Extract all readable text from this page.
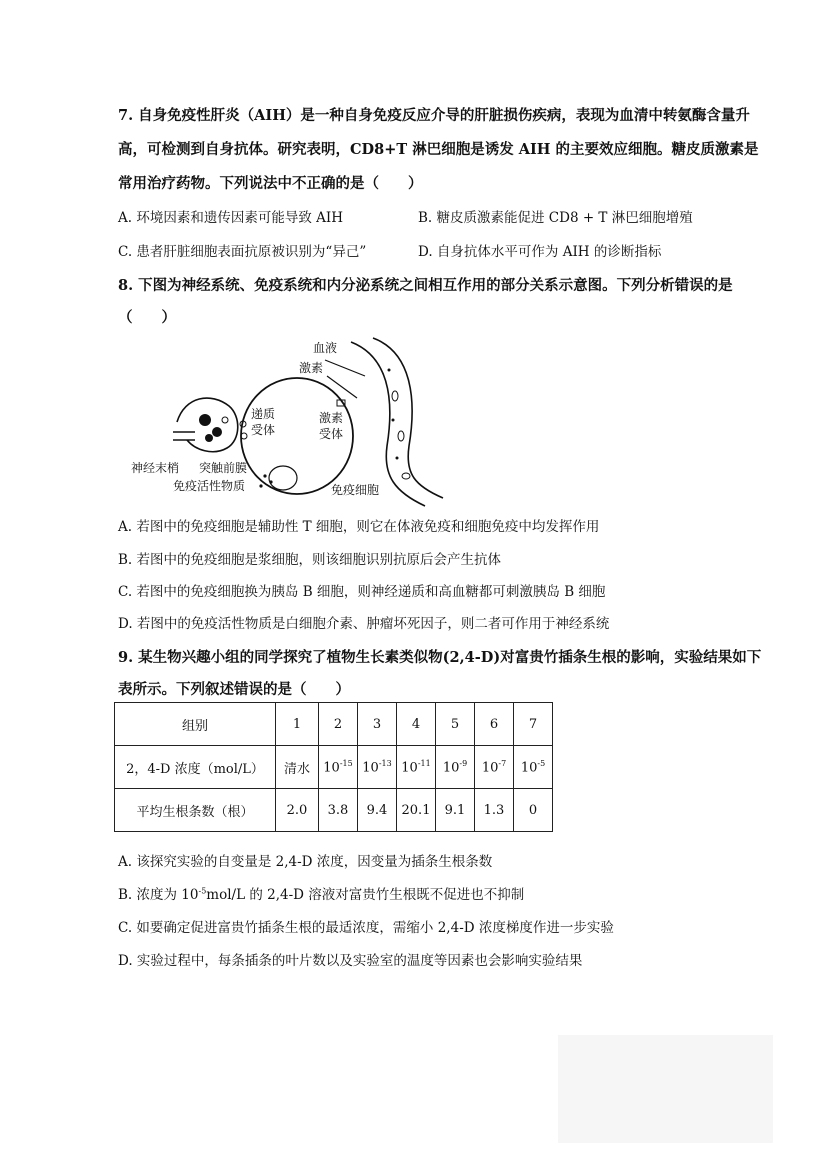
7. 自身免疫性肝炎（AIH）是一种自身免疫反应介导的肝脏损伤疾病，表现为血清中转氨酶含量升
高，可检测到自身抗体。研究表明，CD8+T 淋巴细胞是诱发 AIH 的主要效应细胞。糖皮质激素是
常用治疗药物。下列说法中不正确的是（　　）
A. 环境因素和遗传因素可能导致 AIH	B. 糖皮质激素能促进 CD8 + T 淋巴细胞增殖
C. 患者肝脏细胞表面抗原被识别为“异己”	D. 自身抗体水平可作为 AIH 的诊断指标
8. 下图为神经系统、免疫系统和内分泌系统之间相互作用的部分关系示意图。下列分析错误的是
（　　）
血液
激素
递质
受体
激素
受体
神经末梢 突触前膜
免疫活性物质	免疫细胞
A. 若图中的免疫细胞是辅助性 T 细胞，则它在体液免疫和细胞免疫中均发挥作用
B. 若图中的免疫细胞是浆细胞，则该细胞识别抗原后会产生抗体
C. 若图中的免疫细胞换为胰岛 B 细胞，则神经递质和高血糖都可刺激胰岛 B 细胞
D. 若图中的免疫活性物质是白细胞介素、肿瘤坏死因子，则二者可作用于神经系统
9. 某生物兴趣小组的同学探究了植物生长素类似物(2,4-D)对富贵竹插条生根的影响，实验结果如下
表所示。下列叙述错误的是（　　）
组别	1	2	3	4	5	6	7
2，4-D 浓度（mol/L）	清水	$10^{-15}$	$10^{-13}$	$10^{-11}$	$10^{-9}$	$10^{-7}$	$10^{-5}$
平均生根条数（根）	2.0	3.8	9.4	20.1	9.1	1.3	0
A. 该探究实验的自变量是 2,4-D 浓度，因变量为插条生根条数
B. 浓度为 $10^{-5}mol/L$ 的 2,4-D 溶液对富贵竹生根既不促进也不抑制
C. 如要确定促进富贵竹插条生根的最适浓度，需缩小 2,4-D 浓度梯度作进一步实验
D. 实验过程中，每条插条的叶片数以及实验室的温度等因素也会影响实验结果
